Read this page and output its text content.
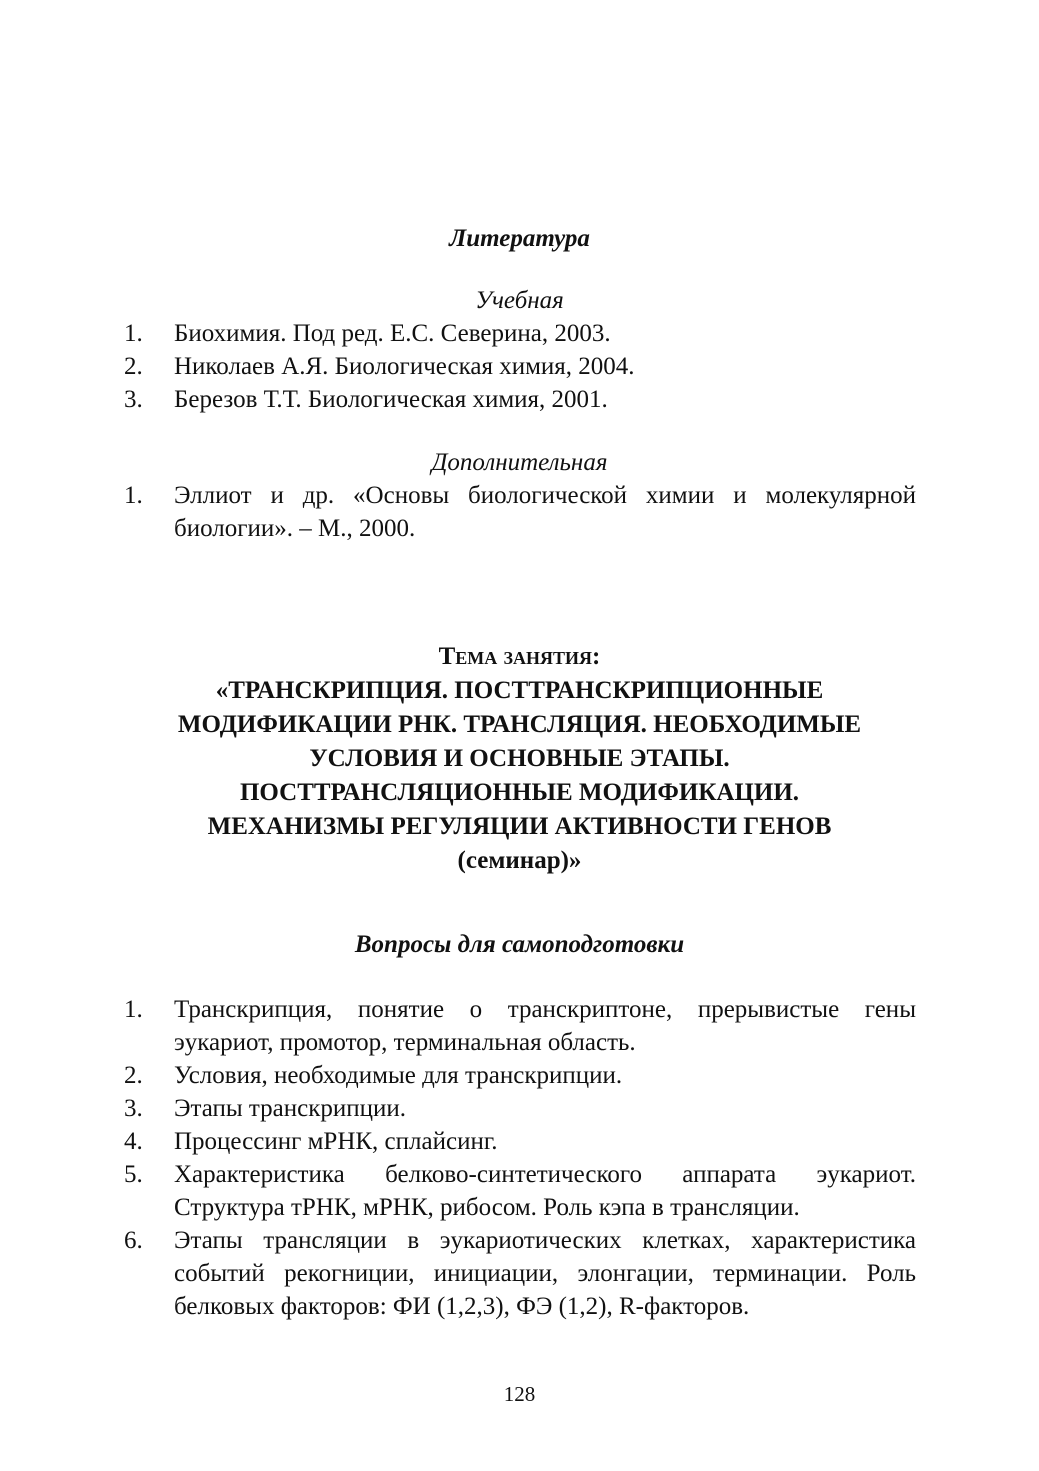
Литература
Учебная
1. Биохимия. Под ред. Е.С. Северина, 2003.
2. Николаев А.Я. Биологическая химия, 2004.
3. Березов Т.Т. Биологическая химия, 2001.
Дополнительная
1. Эллиот и др. «Основы биологической химии и молекулярной биологии». – М., 2000.
Тема занятия:
«ТРАНСКРИПЦИЯ. ПОСТТРАНСКРИПЦИОННЫЕ
МОДИФИКАЦИИ РНК. ТРАНСЛЯЦИЯ. НЕОБХОДИМЫЕ
УСЛОВИЯ И ОСНОВНЫЕ ЭТАПЫ.
ПОСТТРАНСЛЯЦИОННЫЕ МОДИФИКАЦИИ.
МЕХАНИЗМЫ РЕГУЛЯЦИИ АКТИВНОСТИ ГЕНОВ
(семинар)»
Вопросы для самоподготовки
1. Транскрипция, понятие о транскриптоне, прерывистые гены эукариот, промотор, терминальная область.
2. Условия, необходимые для транскрипции.
3. Этапы транскрипции.
4. Процессинг мРНК, сплайсинг.
5. Характеристика белково-синтетического аппарата эукариот. Структура тРНК, мРНК, рибосом. Роль кэпа в трансляции.
6. Этапы трансляции в эукариотических клетках, характеристика событий рекогниции, инициации, элонгации, терминации. Роль белковых факторов: ФИ (1,2,3), ФЭ (1,2), R-факторов.
128
